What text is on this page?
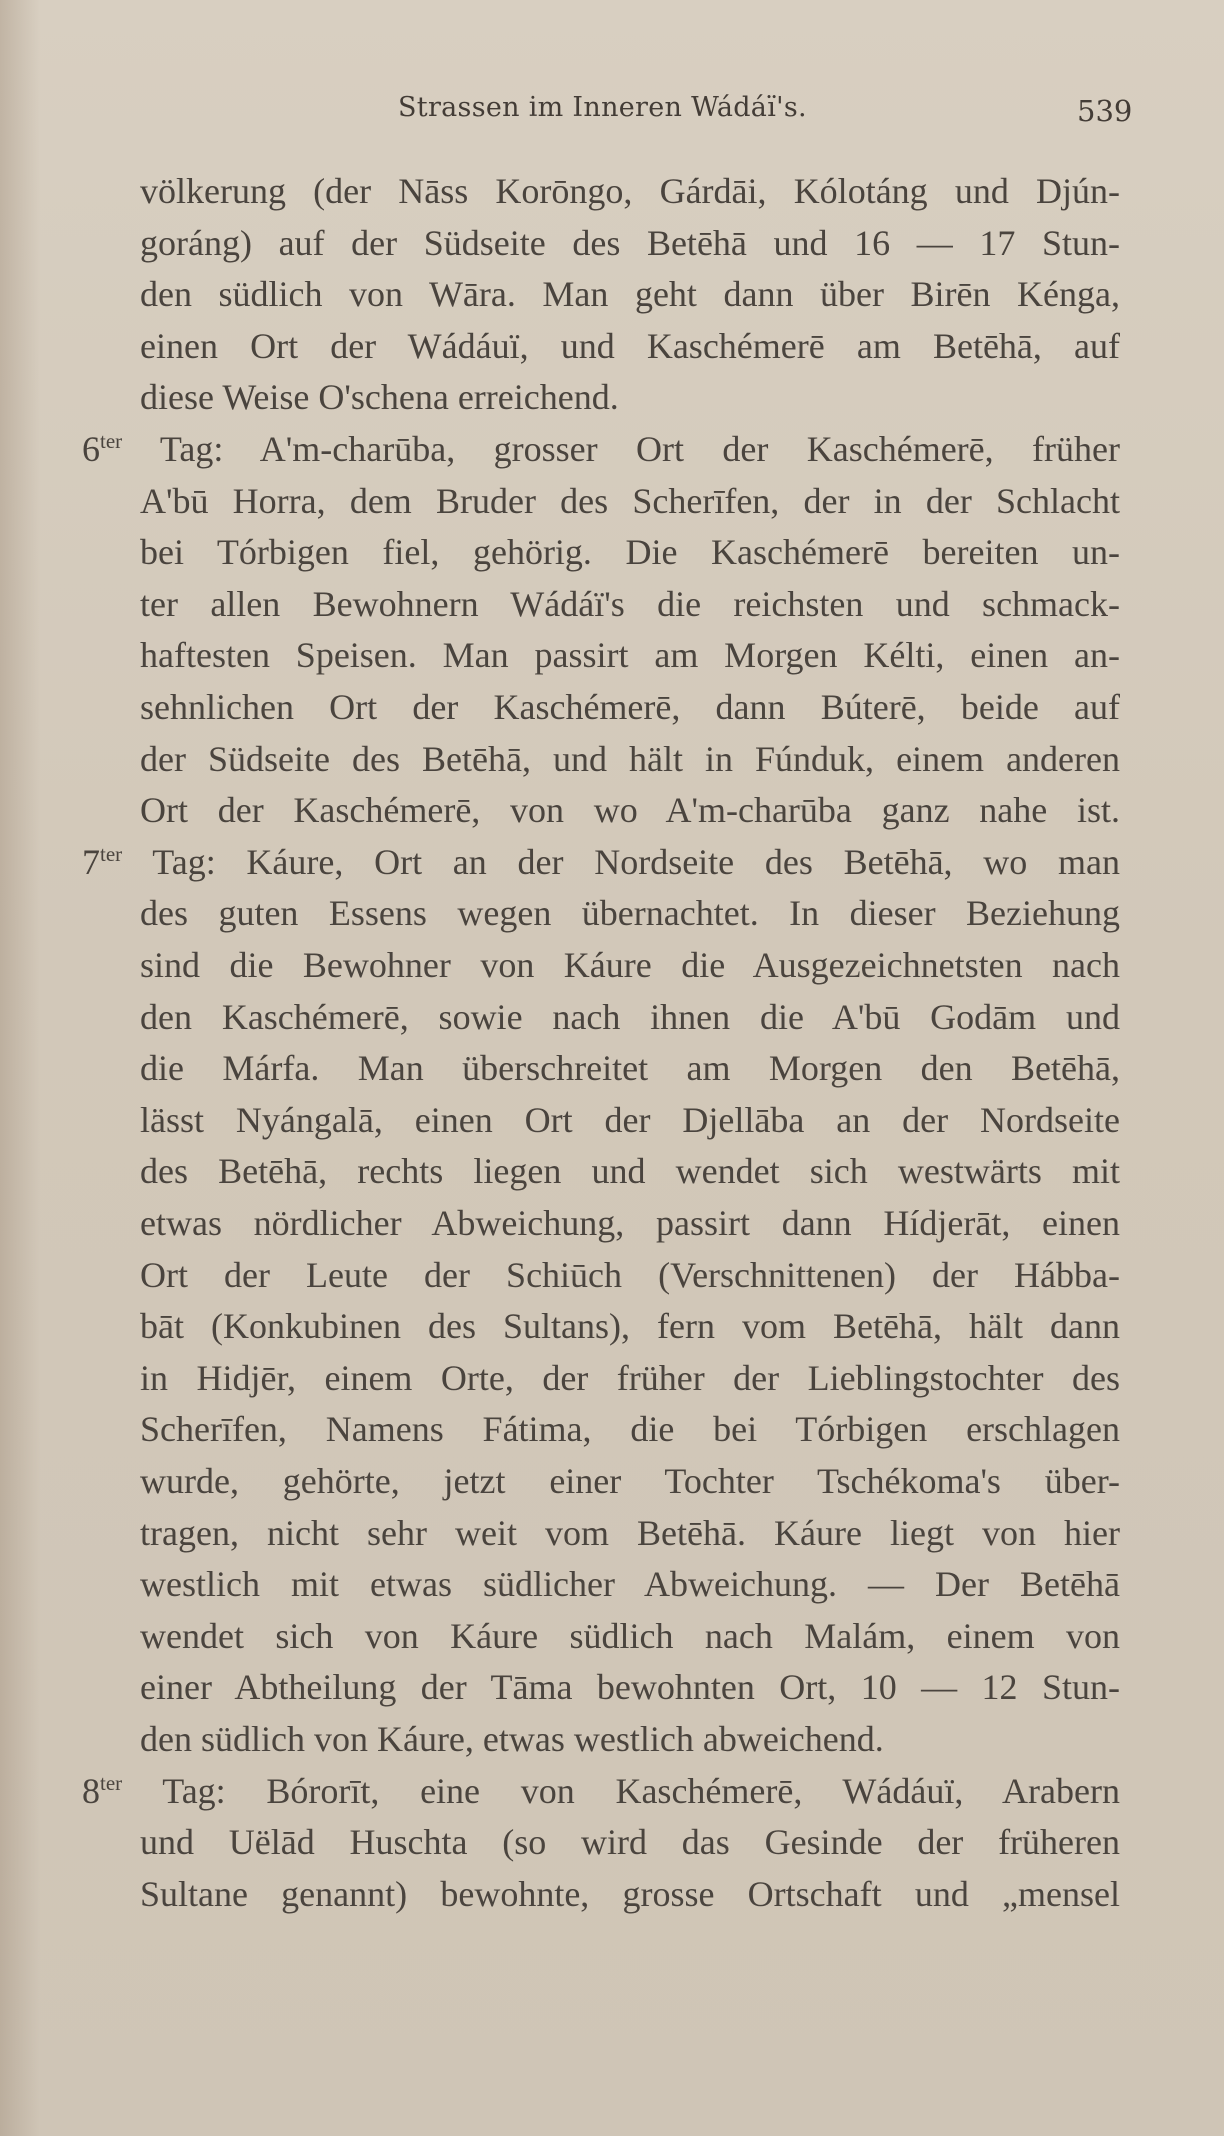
Strassen im Inneren Wádáï's.	539
völkerung (der Nāss Korōngo, Gárdāi, Kólotáng und Djún-
goráng) auf der Südseite des Betēhā und 16 — 17 Stun-
den südlich von Wāra. Man geht dann über Birēn Kénga,
einen Ort der Wádáuï, und Kaschémerē am Betēhā, auf
diese Weise O'schena erreichend.
$6^{ter}$ Tag: A'm-charūba, grosser Ort der Kaschémerē, früher
A'bū Horra, dem Bruder des Scherīfen, der in der Schlacht
bei Tórbigen fiel, gehörig. Die Kaschémerē bereiten un-
ter allen Bewohnern Wádáï's die reichsten und schmack-
haftesten Speisen. Man passirt am Morgen Kélti, einen an-
sehnlichen Ort der Kaschémerē, dann Búterē, beide auf
der Südseite des Betēhā, und hält in Fúnduk, einem anderen
Ort der Kaschémerē, von wo A'm-charūba ganz nahe ist.
$7^{ter}$ Tag: Káure, Ort an der Nordseite des Betēhā, wo man
des guten Essens wegen übernachtet. In dieser Beziehung
sind die Bewohner von Káure die Ausgezeichnetsten nach
den Kaschémerē, sowie nach ihnen die A'bū Godām und
die Márfa. Man überschreitet am Morgen den Betēhā,
lässt Nyángalā, einen Ort der Djellāba an der Nordseite
des Betēhā, rechts liegen und wendet sich westwärts mit
etwas nördlicher Abweichung, passirt dann Hídjerāt, einen
Ort der Leute der Schiūch (Verschnittenen) der Hábba-
bāt (Konkubinen des Sultans), fern vom Betēhā, hält dann
in Hidjēr, einem Orte, der früher der Lieblingstochter des
Scherīfen, Namens Fátima, die bei Tórbigen erschlagen
wurde, gehörte, jetzt einer Tochter Tschékoma's über-
tragen, nicht sehr weit vom Betēhā. Káure liegt von hier
westlich mit etwas südlicher Abweichung. — Der Betēhā
wendet sich von Káure südlich nach Malám, einem von
einer Abtheilung der Tāma bewohnten Ort, 10 — 12 Stun-
den südlich von Káure, etwas westlich abweichend.
$8^{ter}$ Tag: Bórorīt, eine von Kaschémerē, Wádáuï, Arabern
und Uëlād Huschta (so wird das Gesinde der früheren
Sultane genannt) bewohnte, grosse Ortschaft und „mensel
